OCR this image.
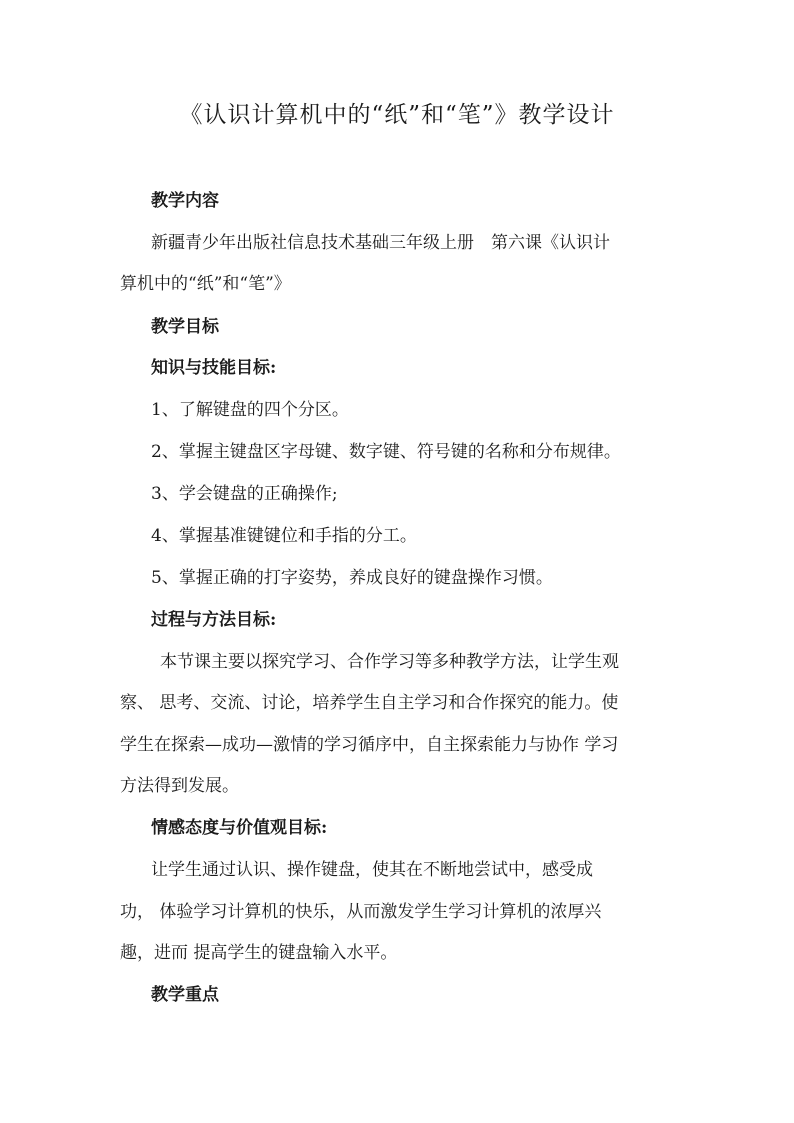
《认识计算机中的“纸”和“笔”》教学设计
教学内容
新疆青少年出版社信息技术基础三年级上册　第六课《认识计
算机中的“纸”和“笔”》
教学目标
知识与技能目标:
1、了解键盘的四个分区。
2、掌握主键盘区字母键、数字键、符号键的名称和分布规律。
3、学会键盘的正确操作;
4、掌握基准键键位和手指的分工。
5、掌握正确的打字姿势，养成良好的键盘操作习惯。
过程与方法目标:
本节课主要以探究学习、合作学习等多种教学方法，让学生观
察、 思考、交流、讨论，培养学生自主学习和合作探究的能力。使
学生在探索—成功—激情的学习循序中，自主探索能力与协作 学习
方法得到发展。
情感态度与价值观目标:
让学生通过认识、操作键盘，使其在不断地尝试中，感受成
功， 体验学习计算机的快乐，从而激发学生学习计算机的浓厚兴
趣，进而 提高学生的键盘输入水平。
教学重点
